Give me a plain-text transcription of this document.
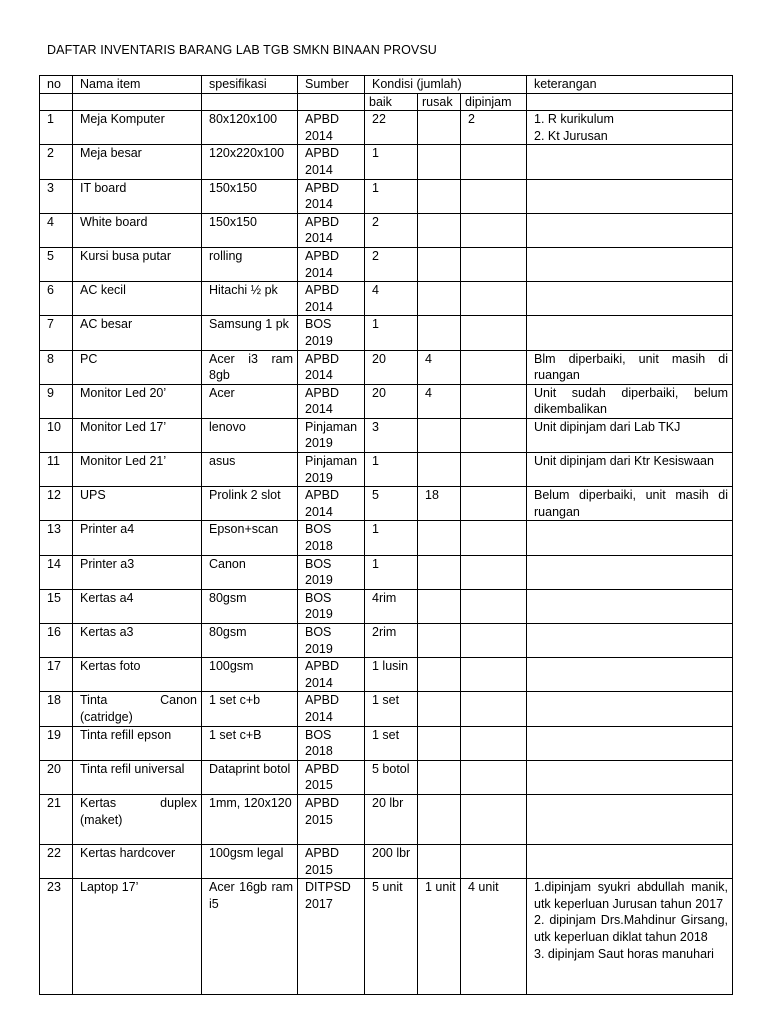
DAFTAR INVENTARIS BARANG LAB TGB SMKN BINAAN PROVSU
no	Nama item	spesifikasi	Sumber	Kondisi (jumlah)			keterangan
				baik	rusak	dipinjam	
1	Meja Komputer	80x120x100	APBD 2014	22		2	1. R kurikulum
2. Kt Jurusan

2	Meja besar	120x220x100	APBD 2014	1			
3	IT board	150x150	APBD 2014	1			
4	White board	150x150	APBD 2014	2			
5	Kursi busa putar	rolling	APBD 2014	2			
6	AC kecil	Hitachi ½ pk	APBD 2014	4			
7	AC besar	Samsung 1 pk	BOS 2019	1			
8	PC	Acer i3 ram 8gb	APBD 2014	20	4		Blm diperbaiki, unit masih di ruangan

9	Monitor Led 20’	Acer	APBD 2014	20	4		Unit sudah diperbaiki, belum dikembalikan

10	Monitor Led 17’	lenovo	Pinjaman 2019	3			Unit dipinjam dari Lab TKJ

11	Monitor Led 21’	asus	Pinjaman 2019	1			Unit dipinjam dari Ktr Kesiswaan

12	UPS	Prolink 2 slot	APBD 2014	5	18		Belum diperbaiki, unit masih di ruangan

13	Printer a4	Epson+scan	BOS 2018	1			
14	Printer a3	Canon	BOS 2019	1			
15	Kertas a4	80gsm	BOS 2019	4rim			
16	Kertas a3	80gsm	BOS 2019	2rim			
17	Kertas foto	100gsm	APBD 2014	1 lusin			
18	Tinta Canon (catridge)	1 set c+b	APBD 2014	1 set			
19	Tinta refill epson	1 set c+B	BOS 2018	1 set			
20	Tinta refil universal	Dataprint botol	APBD 2015	5 botol			
21	Kertas duplex (maket)	1mm, 120x120	APBD 2015	20 lbr			
22	Kertas hardcover	100gsm legal	APBD 2015	200 lbr			
23	Laptop 17’	Acer 16gb ram i5	DITPSD 2017	5 unit	1 unit	4 unit	1.dipinjam syukri abdullah manik, utk keperluan Jurusan tahun 2017
2. dipinjam Drs.Mahdinur Girsang, utk keperluan diklat tahun 2018
3. dipinjam Saut horas manuhari
